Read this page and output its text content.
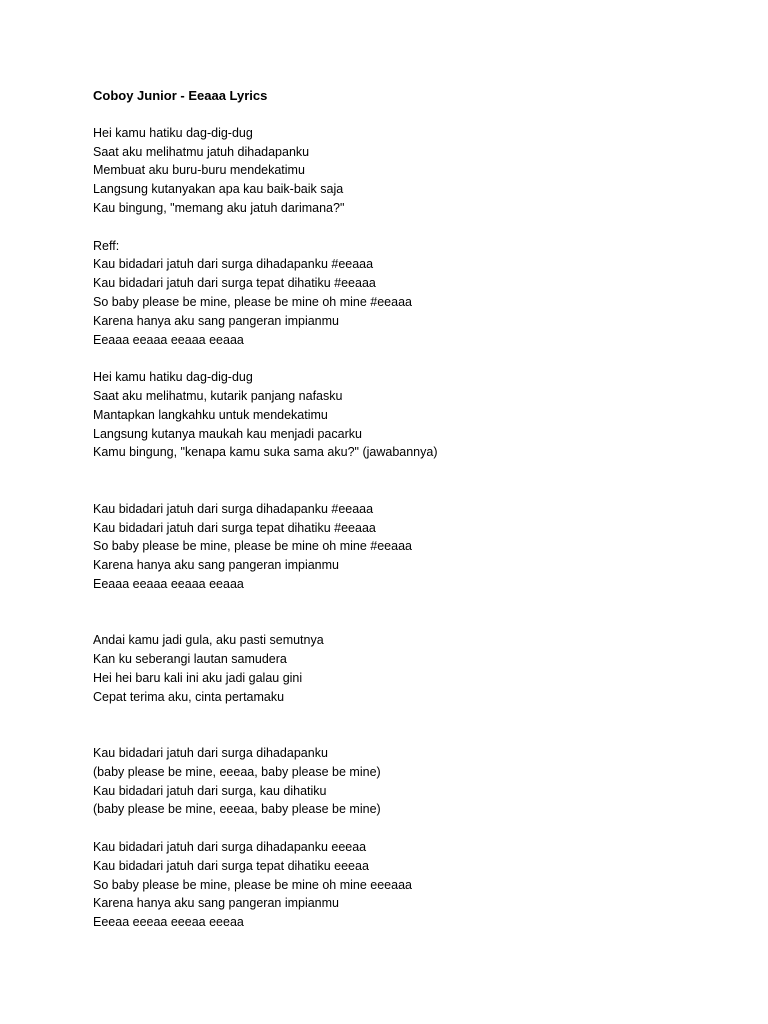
Coboy Junior - Eeaaa Lyrics
Hei kamu hatiku dag-dig-dug
Saat aku melihatmu jatuh dihadapanku
Membuat aku buru-buru mendekatimu
Langsung kutanyakan apa kau baik-baik saja
Kau bingung, "memang aku jatuh darimana?"
Reff:
Kau bidadari jatuh dari surga dihadapanku #eeaaa
Kau bidadari jatuh dari surga tepat dihatiku #eeaaa
So baby please be mine, please be mine oh mine #eeaaa
Karena hanya aku sang pangeran impianmu
Eeaaa eeaaa eeaaa eeaaa
Hei kamu hatiku dag-dig-dug
Saat aku melihatmu, kutarik panjang nafasku
Mantapkan langkahku untuk mendekatimu
Langsung kutanya maukah kau menjadi pacarku
Kamu bingung, "kenapa kamu suka sama aku?" (jawabannya)
Kau bidadari jatuh dari surga dihadapanku #eeaaa
Kau bidadari jatuh dari surga tepat dihatiku #eeaaa
So baby please be mine, please be mine oh mine #eeaaa
Karena hanya aku sang pangeran impianmu
Eeaaa eeaaa eeaaa eeaaa
Andai kamu jadi gula, aku pasti semutnya
Kan ku seberangi lautan samudera
Hei hei baru kali ini aku jadi galau gini
Cepat terima aku, cinta pertamaku
Kau bidadari jatuh dari surga dihadapanku
(baby please be mine, eeeaa, baby please be mine)
Kau bidadari jatuh dari surga, kau dihatiku
(baby please be mine, eeeaa, baby please be mine)
Kau bidadari jatuh dari surga dihadapanku eeeaa
Kau bidadari jatuh dari surga tepat dihatiku eeeaa
So baby please be mine, please be mine oh mine eeeaaa
Karena hanya aku sang pangeran impianmu
Eeeaa eeeaa eeeaa eeeaa
